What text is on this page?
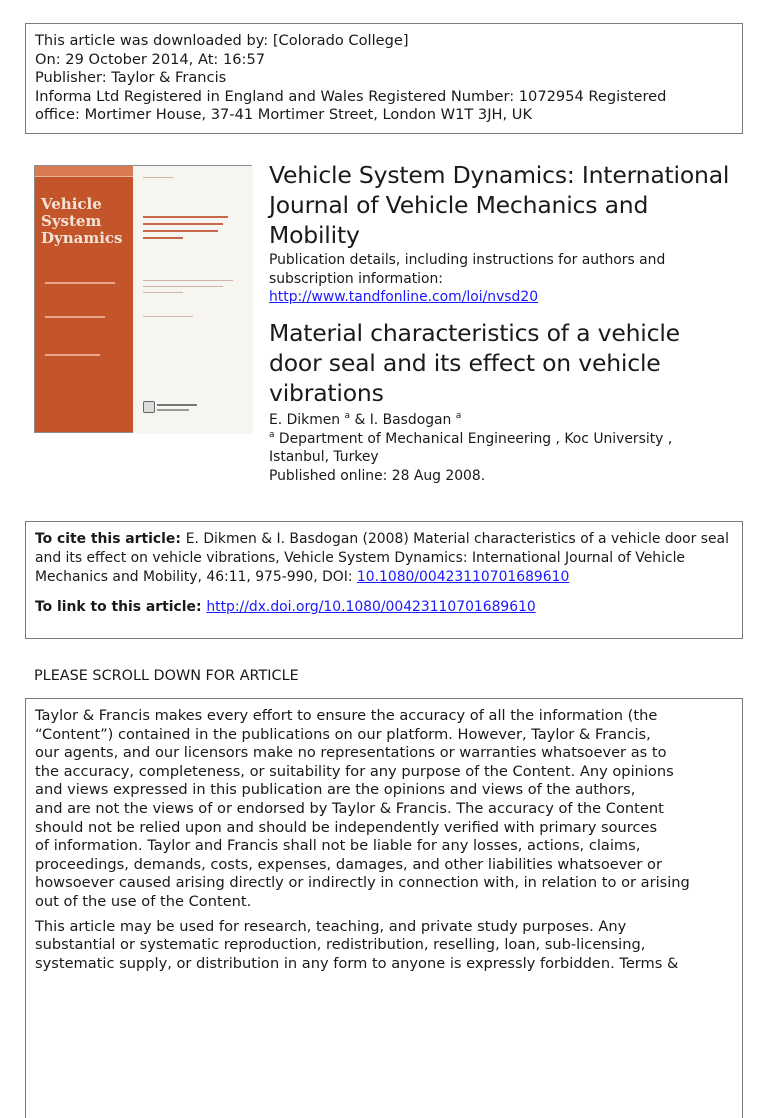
This article was downloaded by: [Colorado College]
On: 29 October 2014, At: 16:57
Publisher: Taylor & Francis
Informa Ltd Registered in England and Wales Registered Number: 1072954 Registered
office: Mortimer House, 37-41 Mortimer Street, London W1T 3JH, UK
Vehicle
System
Dynamics
Vehicle System Dynamics: International
Journal of Vehicle Mechanics and
Mobility
Publication details, including instructions for authors and
subscription information:
http://www.tandfonline.com/loi/nvsd20
Material characteristics of a vehicle
door seal and its effect on vehicle
vibrations
E. Dikmen $^a$ & I. Basdogan $^a$
$^a$ Department of Mechanical Engineering , Koc University ,
Istanbul, Turkey
Published online: 28 Aug 2008.
To cite this article: E. Dikmen & I. Basdogan (2008) Material characteristics of a vehicle door seal
and its effect on vehicle vibrations, Vehicle System Dynamics: International Journal of Vehicle
Mechanics and Mobility, 46:11, 975-990, DOI: 10.1080/00423110701689610
To link to this article: http://dx.doi.org/10.1080/00423110701689610
PLEASE SCROLL DOWN FOR ARTICLE

Taylor & Francis makes every effort to ensure the accuracy of all the information (the
“Content”) contained in the publications on our platform. However, Taylor & Francis,
our agents, and our licensors make no representations or warranties whatsoever as to
the accuracy, completeness, or suitability for any purpose of the Content. Any opinions
and views expressed in this publication are the opinions and views of the authors,
and are not the views of or endorsed by Taylor & Francis. The accuracy of the Content
should not be relied upon and should be independently verified with primary sources
of information. Taylor and Francis shall not be liable for any losses, actions, claims,
proceedings, demands, costs, expenses, damages, and other liabilities whatsoever or
howsoever caused arising directly or indirectly in connection with, in relation to or arising
out of the use of the Content.

This article may be used for research, teaching, and private study purposes. Any
substantial or systematic reproduction, redistribution, reselling, loan, sub-licensing,
systematic supply, or distribution in any form to anyone is expressly forbidden. Terms &
